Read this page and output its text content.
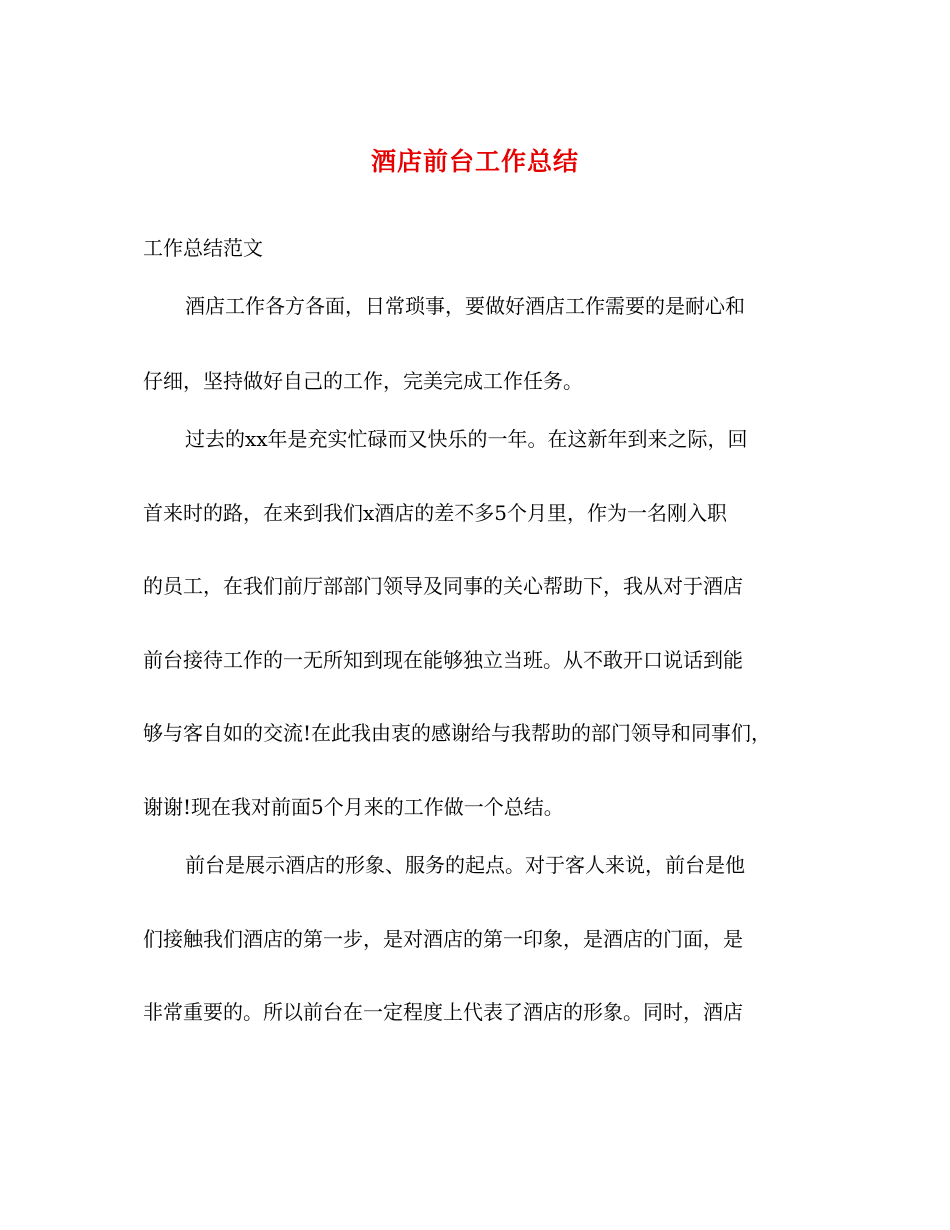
酒店前台工作总结
工作总结范文
酒店工作各方各面，日常琐事，要做好酒店工作需要的是耐心和
仔细，坚持做好自己的工作，完美完成工作任务。
过去的xx年是充实忙碌而又快乐的一年。在这新年到来之际，回
首来时的路，在来到我们x酒店的差不多5个月里，作为一名刚入职
的员工，在我们前厅部部门领导及同事的关心帮助下，我从对于酒店
前台接待工作的一无所知到现在能够独立当班。从不敢开口说话到能
够与客自如的交流!在此我由衷的感谢给与我帮助的部门领导和同事们，
谢谢!现在我对前面5个月来的工作做一个总结。
前台是展示酒店的形象、服务的起点。对于客人来说，前台是他
们接触我们酒店的第一步，是对酒店的第一印象，是酒店的门面，是
非常重要的。所以前台在一定程度上代表了酒店的形象。同时，酒店
